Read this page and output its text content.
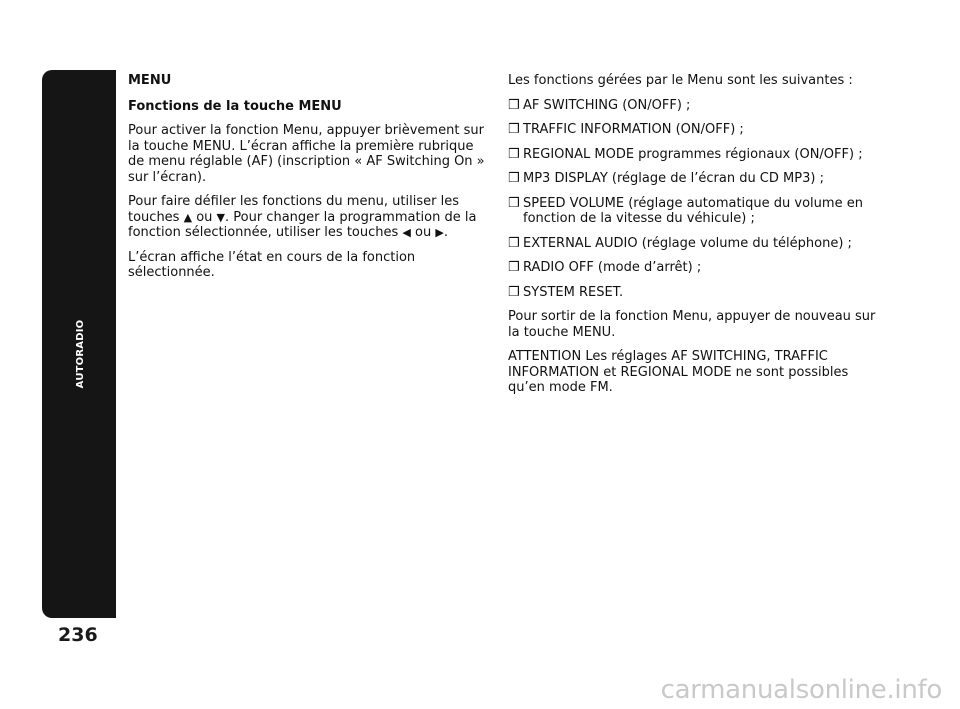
AUTORADIO
236

MENU

Fonctions de la touche MENU

Pour activer la fonction Menu, appuyer brièvement sur la touche MENU. L’écran affiche la première rubrique de menu réglable (AF) (inscription « AF Switching On » sur l’écran).

Pour faire défiler les fonctions du menu, utiliser les touches ▲ ou ▼. Pour changer la programmation de la fonction sélectionnée, utiliser les touches ◀ ou ▶.

L’écran affiche l’état en cours de la fonction sélectionnée.

Les fonctions gérées par le Menu sont les suivantes :

❒ AF SWITCHING (ON/OFF) ;
❒ TRAFFIC INFORMATION (ON/OFF) ;
❒ REGIONAL MODE programmes régionaux (ON/OFF) ;
❒ MP3 DISPLAY (réglage de l’écran du CD MP3) ;
❒ SPEED VOLUME (réglage automatique du volume en fonction de la vitesse du véhicule) ;
❒ EXTERNAL AUDIO (réglage volume du téléphone) ;
❒ RADIO OFF (mode d’arrêt) ;
❒ SYSTEM RESET.

Pour sortir de la fonction Menu, appuyer de nouveau sur la touche MENU.

ATTENTION Les réglages AF SWITCHING, TRAFFIC INFORMATION et REGIONAL MODE ne sont possibles qu’en mode FM.

carmanualsonline.info
